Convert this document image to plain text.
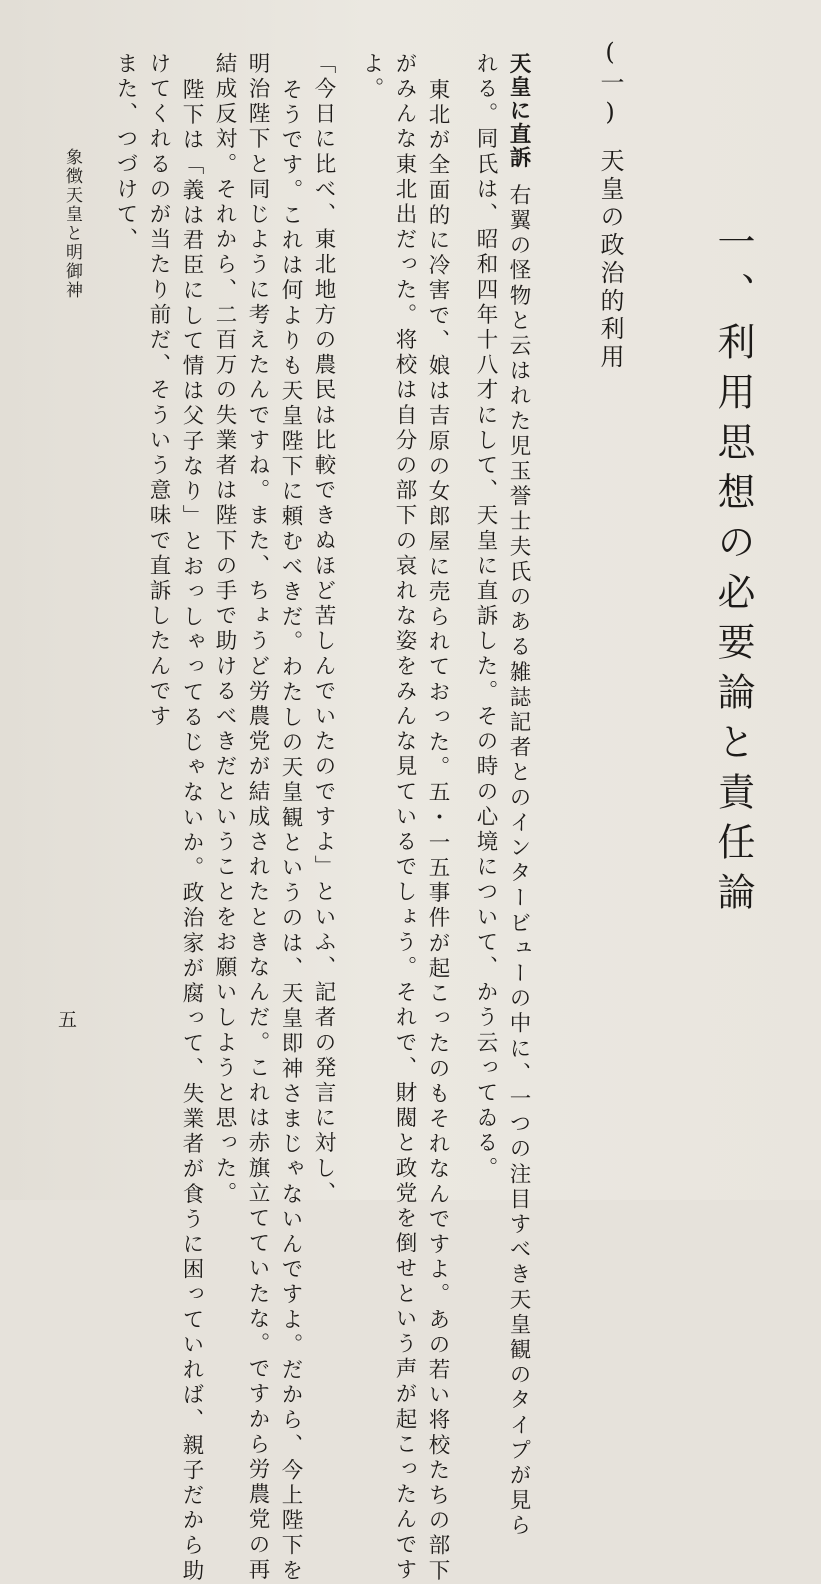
一、利用思想の必要論と責任論
(一)天皇の政治的利用
天皇に直訴右翼の怪物と云はれた児玉誉士夫氏のある雑誌記者とのインタービューの中に、一つの注目すべき天皇観のタイプが見ら
れる。同氏は、昭和四年十八才にして、天皇に直訴した。その時の心境について、かう云ってゐる。
東北が全面的に冷害で、娘は吉原の女郎屋に売られておった。五・一五事件が起こったのもそれなんですよ。あの若い将校たちの部下
がみんな東北出だった。将校は自分の部下の哀れな姿をみんな見ているでしょう。それで、財閥と政党を倒せという声が起こったんです
よ。
「今日に比べ、東北地方の農民は比較できぬほど苦しんでいたのですよ」といふ、記者の発言に対し、
そうです。これは何よりも天皇陛下に頼むべきだ。わたしの天皇観というのは、天皇即神さまじゃないんですよ。だから、今上陛下を
明治陛下と同じように考えたんですね。また、ちょうど労農党が結成されたときなんだ。これは赤旗立てていたな。ですから労農党の再
結成反対。それから、二百万の失業者は陛下の手で助けるべきだということをお願いしようと思った。
陛下は「義は君臣にして情は父子なり」とおっしゃってるじゃないか。政治家が腐って、失業者が食うに困っていれば、親子だから助
けてくれるのが当たり前だ、そういう意味で直訴したんです
また、つづけて、
象徴天皇と明御神
五
